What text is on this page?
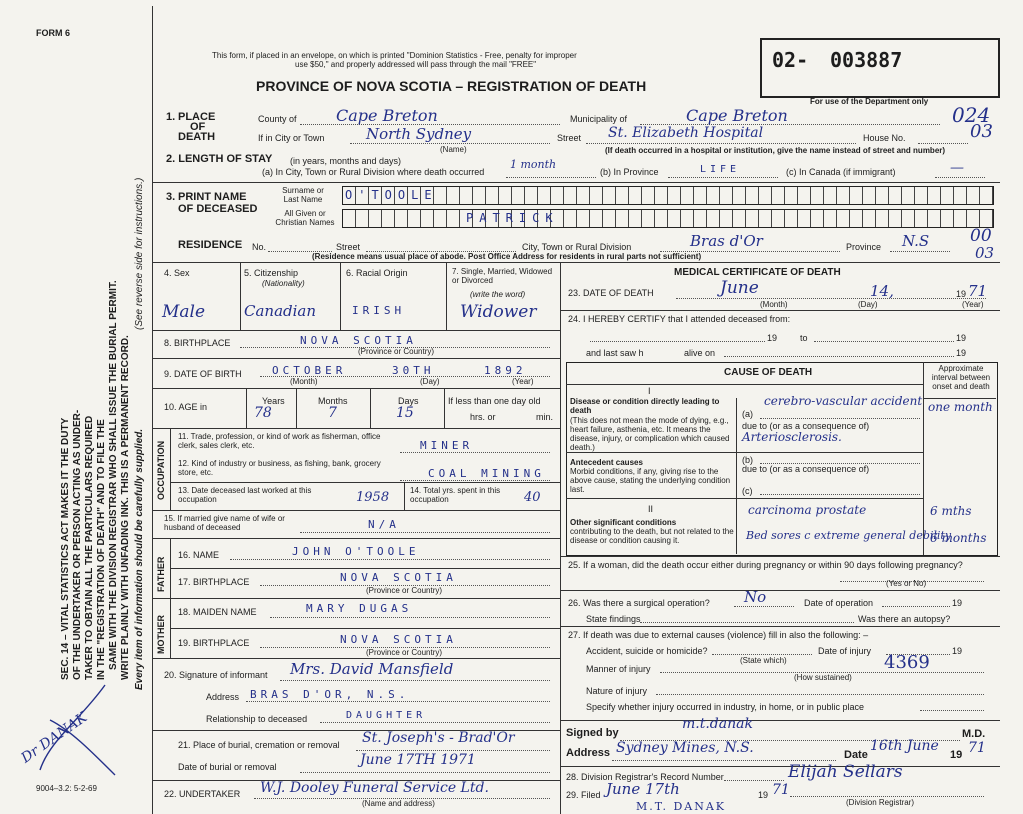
FORM 6
This form, if placed in an envelope, on which is printed "Dominion Statistics - Free, penalty for improper
use $50," and properly addressed will pass through the mail "FREE"
PROVINCE OF NOVA SCOTIA – REGISTRATION OF DEATH
02- 003887
For use of the Department only
024
03
SEC. 14 – VITAL STATISTICS ACT MAKES IT THE DUTY OF THE UNDERTAKER OR PERSON ACTING AS UNDER- TAKER TO OBTAIN ALL THE PARTICULARS REQUIRED IN THE "REGISTRATION OF DEATH" AND TO FILE THE SAME WITH THE DIVISION REGISTRAR WHO SHALL ISSUE THE BURIAL PERMIT. WRITE PLAINLY WITH UNFADING INK. THIS IS A PERMANENT RECORD. Every item of information should be carefully supplied.
(See reverse side for instructions.)
9004–3.2: 5-2-69
Dr DANAK
1. PLACE
OF
DEATH
County of Cape Breton	Municipality of	Cape Breton
If in City or Town	North Sydney
(Name)
Street St. Elizabeth Hospital	House No.
(If death occurred in a hospital or institution, give the name instead of street and number)
2. LENGTH OF STAY (in years, months and days)
(a) In City, Town or Rural Division where death occurred
1 month
(b) In Province	LIFE	(c) In Canada (if immigrant)	—
3. PRINT NAME
OF DECEASED
Surname or Last Name
All Given or Christian Names
O'TOOLE
PATRICK
RESIDENCE No.	Street	City, Town or Rural Division	Bras d'Or	Province N.S 00
03
(Residence means usual place of abode. Post Office Address for residents in rural parts not sufficient)
4. Sex
Male
5. Citizenship
(Nationality)
Canadian
6. Racial Origin
IRISH
7. Single, Married, Widowed or Divorced
(write the word)
Widower
8. BIRTHPLACE	NOVA SCOTIA
(Province or Country)
9. DATE OF BIRTH	OCTOBER	30TH	1892
(Month)	(Day)	(Year)
10. AGE in
Years
78
Months
7
Days
15
If less than one day old
hrs. or	min.
OCCUPATION
11. Trade, profession, or kind of work as fisherman, office clerk, sales clerk, etc.	MINER
12. Kind of industry or business, as fishing, bank, grocery store, etc.	COAL MINING
13. Date deceased last worked at this occupation	1958	14. Total yrs. spent in this occupation	40
15. If married give name of wife or husband of deceased	N/A
FATHER
16. NAME	JOHN O'TOOLE
17. BIRTHPLACE	NOVA SCOTIA
(Province or Country)
MOTHER
18. MAIDEN NAME	MARY DUGAS
19. BIRTHPLACE	NOVA SCOTIA
(Province or Country)
20. Signature of informant Mrs. David Mansfield
Address BRAS D'OR, N.S.
Relationship to deceased	DAUGHTER
21. Place of burial, cremation or removal St. Joseph's - Brad'Or
Date of burial or removal	June 17TH 1971
22. UNDERTAKER W.J. Dooley Funeral Service Ltd.
(Name and address)
MEDICAL CERTIFICATE OF DEATH
23. DATE OF DEATH	June	14,	19 71
(Month)	(Day)	(Year)
24. I HEREBY CERTIFY that I attended deceased from:
19	to	19
and last saw h	alive on	19
CAUSE OF DEATH	Approximate interval between onset and death
I
Disease or condition directly leading to death
(This does not mean the mode of dying, e.g., heart failure, asthenia, etc. It means the disease, injury, or complication which caused death.)
(a)
cerebro-vascular accident one month
due to (or as a consequence of)
Arteriosclerosis.
Antecedent causes
Morbid conditions, if any, giving rise to the above cause, stating the underlying condition last.
(b)
due to (or as a consequence of)
(c)
II
Other significant conditions
contributing to the death, but not related to the disease or condition causing it.
carcinoma prostate	6 mths
Bed sores c extreme general debility
6 months
25. If a woman, did the death occur either during pregnancy or within 90 days following pregnancy?
(Yes or No)
26. Was there a surgical operation? No	Date of operation	19
State findings	Was there an autopsy?
27. If death was due to external causes (violence) fill in also the following: –
Accident, suicide or homicide?
(State which)
Date of injury	19
4369
Manner of injury
(How sustained)
Nature of injury
Specify whether injury occurred in industry, in home, or in public place
Signed by
m.t.danak
M.D.
Address Sydney Mines, N.S.	Date
16th June
19 71
28. Division Registrar's Record Number
29. Filed June 17th	19 71
Elijah Sellars
(Division Registrar)
M.T. DANAK
